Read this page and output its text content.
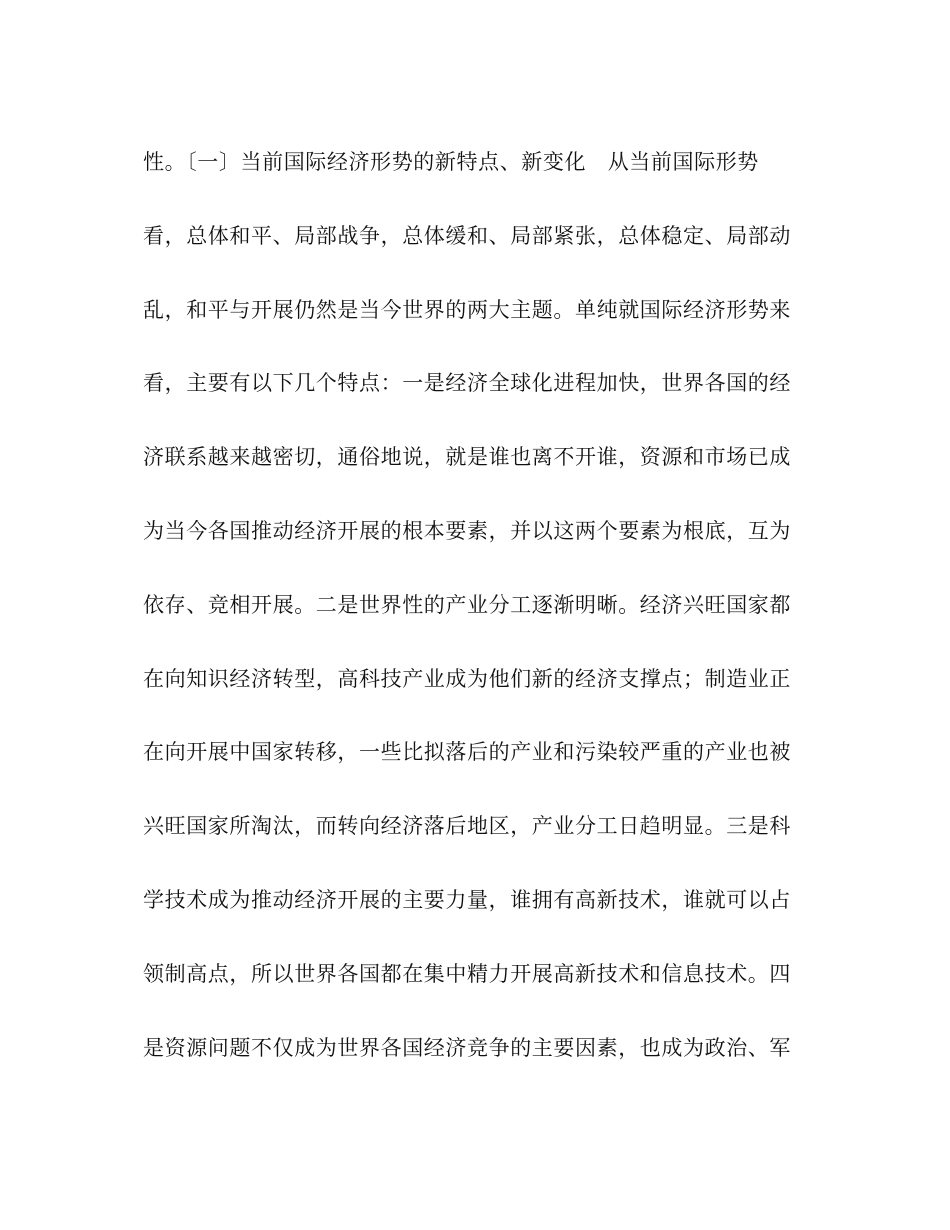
性。〔一〕当前国际经济形势的新特点、新变化　从当前国际形势
看，总体和平、局部战争，总体缓和、局部紧张，总体稳定、局部动
乱，和平与开展仍然是当今世界的两大主题。单纯就国际经济形势来
看，主要有以下几个特点：一是经济全球化进程加快，世界各国的经
济联系越来越密切，通俗地说，就是谁也离不开谁，资源和市场已成
为当今各国推动经济开展的根本要素，并以这两个要素为根底，互为
依存、竞相开展。二是世界性的产业分工逐渐明晰。经济兴旺国家都
在向知识经济转型，高科技产业成为他们新的经济支撑点；制造业正
在向开展中国家转移，一些比拟落后的产业和污染较严重的产业也被
兴旺国家所淘汰，而转向经济落后地区，产业分工日趋明显。三是科
学技术成为推动经济开展的主要力量，谁拥有高新技术，谁就可以占
领制高点，所以世界各国都在集中精力开展高新技术和信息技术。四
是资源问题不仅成为世界各国经济竞争的主要因素，也成为政治、军
